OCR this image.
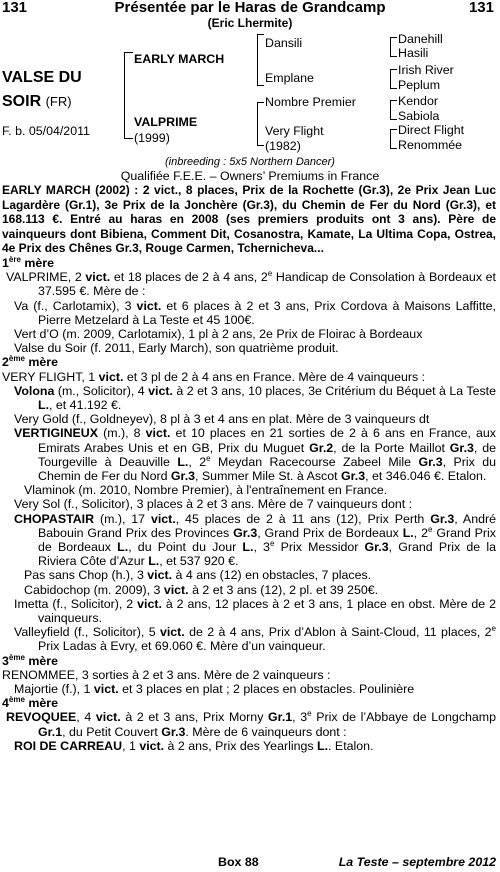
131	Présentée par le Haras de Grandcamp	131
(Eric Lhermite)
VALSE DU
SOIR (FR)
F. b. 05/04/2011
EARLY MARCH
VALPRIME
(1999)
Dansili
Emplane
Nombre Premier
Very Flight
(1982)
Danehill
Hasili
Irish River
Peplum
Kendor
Sabiola
Direct Flight
Renommée
(inbreeding : 5x5 Northern Dancer)
Qualifiée F.E.E. – Owners’ Premiums in France

EARLY MARCH (2002) : 2 vict., 8 places, Prix de la Rochette (Gr.3), 2e Prix Jean Luc Lagardère (Gr.1), 3e Prix de la Jonchère (Gr.3), du Chemin de Fer du Nord (Gr.3), et 168.113 €. Entré au haras en 2008 (ses premiers produits ont 3 ans). Père de vainqueurs dont Bibiena, Comment Dit, Cosanostra, Kamate, La Ultima Copa, Ostrea, 4e Prix des Chênes Gr.3, Rouge Carmen, Tchernicheva...

1ère mère

VALPRIME, 2 vict. et 18 places de 2 à 4 ans, 2e Handicap de Consolation à Bordeaux et 37.595 €. Mère de :

Va (f., Carlotamix), 3 vict. et 6 places à 2 et 3 ans, Prix Cordova à Maisons Laffitte, Pierre Metzelard à La Teste et 45 100€.

Vert d’O (m. 2009, Carlotamix), 1 pl à 2 ans, 2e Prix de Floirac à Bordeaux

Valse du Soir (f. 2011, Early March), son quatrième produit.

2ème mère

VERY FLIGHT, 1 vict. et 3 pl de 2 à 4 ans en France. Mère de 4 vainqueurs :

Volona (m., Solicitor), 4 vict. à 2 et 3 ans, 10 places, 3e Critérium du Béquet à La Teste L., et 41.192 €.

Very Gold (f., Goldneyev), 8 pl à 3 et 4 ans en plat. Mère de 3 vainqueurs dt

VERTIGINEUX (m.), 8 vict. et 10 places en 21 sorties de 2 à 6 ans en France, aux Emirats Arabes Unis et en GB, Prix du Muguet Gr.2, de la Porte Maillot Gr.3, de Tourgeville à Deauville L., 2e Meydan Racecourse Zabeel Mile Gr.3, Prix du Chemin de Fer du Nord Gr.3, Summer Mile St. à Ascot Gr.3, et 346.046 €. Etalon.

Vlaminok (m. 2010, Nombre Premier), à l'entraînement en France.

Very Sol (f., Solicitor), 3 places à 2 et 3 ans. Mère de 7 vainqueurs dont :

CHOPASTAIR (m.), 17 vict., 45 places de 2 à 11 ans (12), Prix Perth Gr.3, André Babouin Grand Prix des Provinces Gr.3, Grand Prix de Bordeaux L., 2e Grand Prix de Bordeaux L., du Point du Jour L., 3e Prix Messidor Gr.3, Grand Prix de la Riviera Côte d’Azur L., et 537 920 €.

Pas sans Chop (h.), 3 vict. à 4 ans (12) en obstacles, 7 places.

Cabidochop (m. 2009), 3 vict. à 2 et 3 ans (12), 2 pl. et 39 250€.

Imetta (f., Solicitor), 2 vict. à 2 ans, 12 places à 2 et 3 ans, 1 place en obst. Mère de 2 vainqueurs.

Valleyfield (f., Solicitor), 5 vict. de 2 à 4 ans, Prix d’Ablon à Saint-Cloud, 11 places, 2e Prix Ladas à Evry, et 69.060 €. Mère d’un vainqueur.

3ème mère

RENOMMEE, 3 sorties à 2 et 3 ans. Mère de 2 vainqueurs :

Majortie (f.), 1 vict. et 3 places en plat ; 2 places en obstacles. Poulinière

4ème mère

REVOQUEE, 4 vict. à 2 et 3 ans, Prix Morny Gr.1, 3e Prix de l’Abbaye de Longchamp Gr.1, du Petit Couvert Gr.3. Mère de 6 vainqueurs dont :

ROI DE CARREAU, 1 vict. à 2 ans, Prix des Yearlings L.. Etalon.

Box 88	La Teste – septembre 2012
